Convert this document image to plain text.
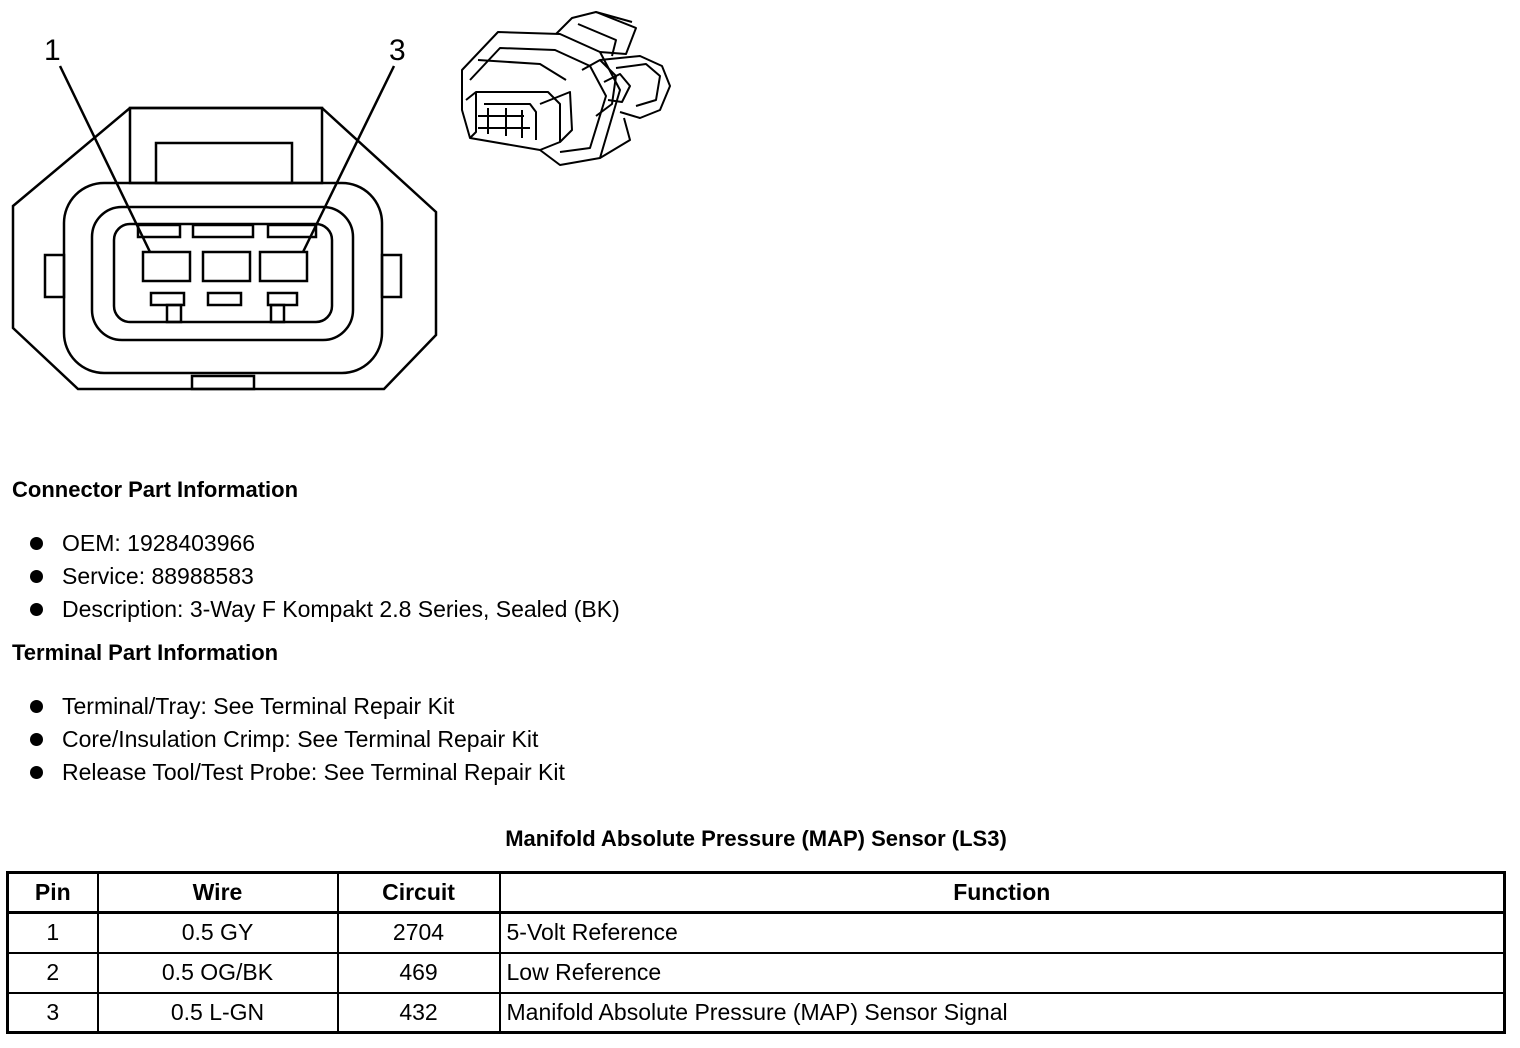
1	3
Connector Part Information
OEM: 1928403966
Service: 88988583
Description: 3-Way F Kompakt 2.8 Series, Sealed (BK)
Terminal Part Information
Terminal/Tray: See Terminal Repair Kit
Core/Insulation Crimp: See Terminal Repair Kit
Release Tool/Test Probe: See Terminal Repair Kit
Manifold Absolute Pressure (MAP) Sensor (LS3)
Pin	Wire	Circuit	Function
1	0.5 GY	2704	5-Volt Reference
2	0.5 OG/BK	469	Low Reference
3	0.5 L-GN	432	Manifold Absolute Pressure (MAP) Sensor Signal
